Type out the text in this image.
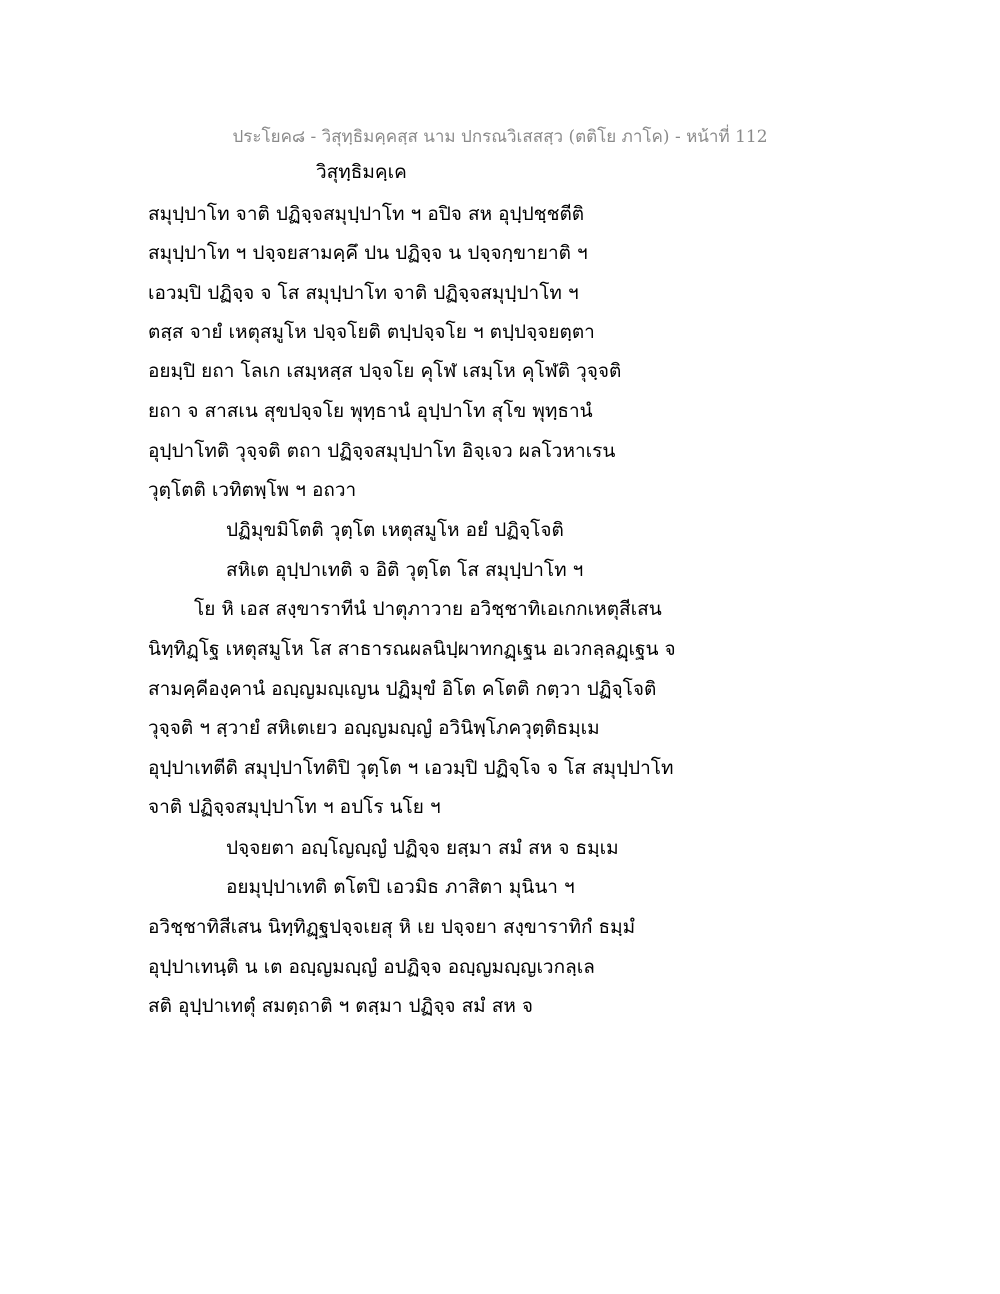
ประโยค๘ - วิสุทฺธิมคฺคสฺส นาม ปกรณวิเสสสฺว (ตติโย ภาโค) - หน้าที่ 112
วิสุทฺธิมคฺเค
สมุปฺปาโท จาติ ปฏิจฺจสมุปฺปาโท ฯ อปิจ สห อุปฺปชฺชตีติ
สมุปฺปาโท ฯ ปจฺจยสามคฺคึ ปน ปฏิจฺจ น ปจฺจกฺขายาติ ฯ
เอวมฺปิ ปฏิจฺจ จ โส สมุปฺปาโท จาติ ปฏิจฺจสมุปฺปาโท ฯ
ตสฺส จายํ เหตุสมูโห ปจฺจโยติ ตปฺปจฺจโย ฯ ตปฺปจฺจยตฺตา
อยมฺปิ ยถา โลเก เสมฺหสฺส ปจฺจโย คุโฬ เสมฺโห คุโฬติ วุจฺจติ
ยถา จ สาสเน สุขปจฺจโย พุทฺธานํ อุปฺปาโท สุโข พุทฺธานํ
อุปฺปาโทติ วุจฺจติ ตถา ปฏิจฺจสมุปฺปาโท อิจฺเจว ผลโวหาเรน
วุตฺโตติ เวทิตพฺโพ ฯ อถวา
ปฏิมุขมิโตติ วุตฺโต เหตุสมูโห อยํ ปฏิจฺโจติ
สหิเต อุปฺปาเทติ จ อิติ วุตฺโต โส สมุปฺปาโท ฯ
โย หิ เอส สงฺขาราทีนํ ปาตุภาวาย อวิชฺชาทิเอเกกเหตุสีเสน
นิทฺทิฏฺโฐ เหตุสมูโห โส สาธารณผลนิปฺผาทกฏฺเฐน อเวกลฺลฏฺเฐน จ
สามคฺคีองฺคานํ อญฺญมญฺเญน ปฏิมุขํ อิโต คโตติ กตฺวา ปฏิจฺโจติ
วุจฺจติ ฯ สฺวายํ สหิเตเยว อญฺญมญฺญํ อวินิพฺโภควุตฺติธมฺเม
อุปฺปาเทตีติ สมุปฺปาโทติปิ วุตฺโต ฯ เอวมฺปิ ปฏิจฺโจ จ โส สมุปฺปาโท
จาติ ปฏิจฺจสมุปฺปาโท ฯ อปโร นโย ฯ
ปจฺจยตา อญฺโญญฺญํ ปฏิจฺจ ยสฺมา สมํ สห จ ธมฺเม
อยมุปฺปาเทติ ตโตปิ เอวมิธ ภาสิตา มุนินา ฯ
อวิชฺชาทิสีเสน นิทฺทิฏฺฐปจฺจเยสุ หิ เย ปจฺจยา สงฺขาราทิกํ ธมฺมํ
อุปฺปาเทนฺติ น เต อญฺญมญฺญํ อปฏิจฺจ อญฺญมญฺญเวกลฺเล
สติ อุปฺปาเทตุํ สมตฺถาติ ฯ ตสฺมา ปฏิจฺจ สมํ สห จ
